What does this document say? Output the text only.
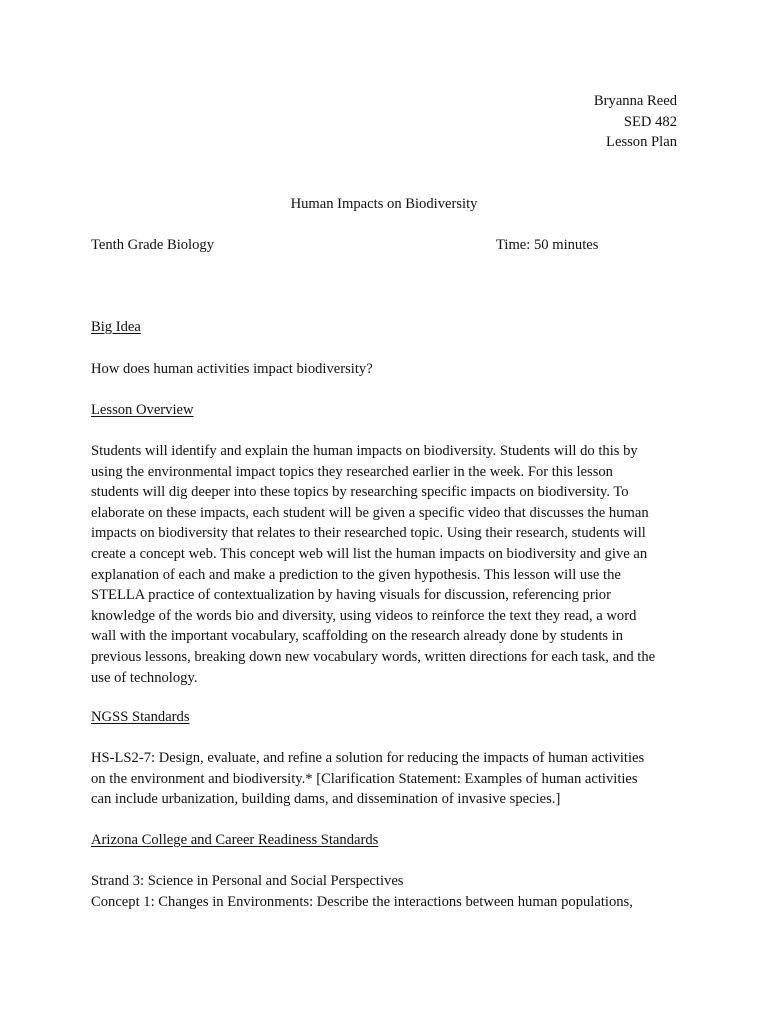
Bryanna Reed
SED 482
Lesson Plan
Human Impacts on Biodiversity
Tenth Grade Biology	Time: 50 minutes
Big Idea
How does human activities impact biodiversity?
Lesson Overview
Students will identify and explain the human impacts on biodiversity. Students will do this by
using the environmental impact topics they researched earlier in the week. For this lesson
students will dig deeper into these topics by researching specific impacts on biodiversity. To
elaborate on these impacts, each student will be given a specific video that discusses the human
impacts on biodiversity that relates to their researched topic. Using their research, students will
create a concept web. This concept web will list the human impacts on biodiversity and give an
explanation of each and make a prediction to the given hypothesis. This lesson will use the
STELLA practice of contextualization by having visuals for discussion, referencing prior
knowledge of the words bio and diversity, using videos to reinforce the text they read, a word
wall with the important vocabulary, scaffolding on the research already done by students in
previous lessons, breaking down new vocabulary words, written directions for each task, and the
use of technology.
NGSS Standards
HS-LS2-7: Design, evaluate, and refine a solution for reducing the impacts of human activities
on the environment and biodiversity.* [Clarification Statement: Examples of human activities
can include urbanization, building dams, and dissemination of invasive species.]
Arizona College and Career Readiness Standards
Strand 3: Science in Personal and Social Perspectives
Concept 1: Changes in Environments: Describe the interactions between human populations,
